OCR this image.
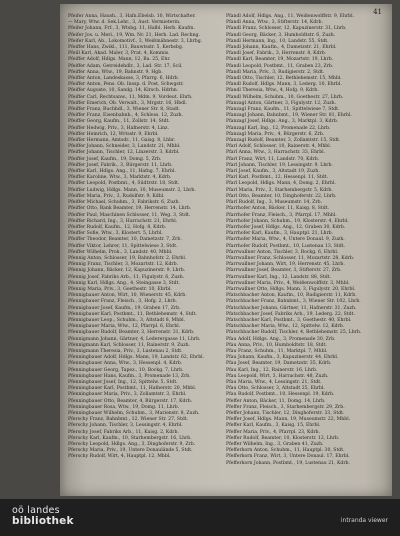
41

Pfeifer Anna, Haush., 3, Hafn.Ebelsb. 10, Wirtschafter.

— Mary, Wtw. d. Sek.Lehr., 3, Aust. Vermieterin.

Pfeifer Johann, Frf., 3, Wtsbg. 11, Halbl. Herb. Kaufm.

Pfeifer Jos. u. Meri., 19, Wm. Nr. 21, Herb. Lad. Rechng.

Pfeifer Karl, Ab., Lokomotivf., 3, Weißmähnestr. 3, Lhrbg.

Pfeiffer Hans, Zwikl., 111, Bauwtsstr. 5, Kerbsbg.

Pfeill Karl, Akad. Maler, 3, Prat. 4, Kommis.

Pfeiffer Adolf, Hdlgs. Mann, 12, Ba. 25, Ehr.

Pfeiffer Adam, Getreidehdlr., 3, Lad. Str. 17, Scil.

Pfeiffer Anna, Wtw., 19, Bahnstr. 9, Hgb.

Pfeiffer Anton, Landeskasse, 3, Pfarrg. 6, Hdrb.

Pfeiffer Anton, Pens. Ob. Inssp. d. Post, Schwgstr.

Pfeiffer Auguste, 10, Sandg. 14, Kirsch. Hdrbn.

Pfeiffer Carl, Rechtsanw., 11, Mdm. 9, Vordeut. Ehrh.

Pfeiffer Emerich, Ob. Verwalt., 3, Mrgstr. 16, Hbdl.

Pfeiffer Franz, Buchhdl., 3, Wiener Str. 8, Stadt.

Pfeiffer Franz, Eisenbahnb., 4, Schloss. 12, Zuzh.

Pfeiffer Georg, Kaufm., 11, Zollstr. 14, Stdt.

Pfeiffer Hedwig, Priv., 3, Hafnerstr. 4, Linz.

Pfeiffer Heinrich, 12, Wrtsstr. 9, Ehrbl.

Pfeiffer Hermann, Amtsdr., 11, Gaisg. 8, Lhbr.

Pfeiffer Johann, Schneider, 3, Landstr. 21, Mhbl.

Pfeiffer Johann, Tischler, 12, Linzerstr. 3, Kdrbl.

Pfeiffer Josef, Kaufm., 19, Domg. 5, Zrb.

Pfeiffer Josef, Fabrik., 3, Bürgerstr. 11, Lhrb.

Pfeiffer Karl, Hdlgs. Ang., 11, Hafng. 7, Ehrbl.

Pfeiffer Karoline, Wtw., 3, Marktstr. 4, Kdrb.

Pfeiffer Leopold, Postbmt., 4, Südtrstr. 18, Stdt.

Pfeiffer Ludwig, Hdlgs. Mann, 10, Museumstr. 2, Lhrb.

Pfeiffer Maria, Priv., 3, Rudolfstr. 9, Kdbl.

Pfeiffer Michael, Schuhm., 3, Fabrikstr. 6, Zuzh.

Pfeiffer Otto, Bank Beamter, 19, Herrenstr. 14, Lhrb.

Pfeiffer Paul, Maschinen Schlosser, 11, Weg. 3, Stdt.

Pfeiffer Richard, Ing., 3, Harrachstr. 21, Ehrbl.

Pfeiffer Rudolf, Kaufm., 12, Hofg. 8, Kdrb.

Pfeiffer Sofie, Wtw., 3, Klostert. 5, Lhrbl.

Pfeiffer Theodor, Beamter, 10, Dametzstr. 7, Zrb.

Pfeiffer Viktor, Lehrer, 11, Spittelwiese 3, Stdt.

Pfeiffer Wilhelm, Prok., 3, Landstr. 40, Mhbl.

Pfennig Anton, Schlosser, 19, Bahnhofstr. 2, Ehrbl.

Pfennig Franz, Tischler, 3, Mozartstr. 12, Kdrb.

Pfennig Johann, Bäcker, 12, Kapuzinerstr. 9, Lhrb.

Pfennig Josef, Fabriks Arb., 11, Figulystr. 6, Zuzh.

Pfennig Karl, Hdlgs. Ang., 4, Steingasse 3, Stdt.

Pfennig Maria, Priv., 3, Goethestr. 10, Ehrbl.

Pfennigbauer Anton, Wirt, 10, Wienerstr. 45, Kdrb.

Pfennigbauer Franz, Fleisch., 3, Hofg. 2, Lhrb.

Pfennigbauer Josef, Kaufm., 19, Graben 17, Zrb.

Pfennigbauer Karl, Postbmt., 11, Bethlehemstr. 4, Stdt.

Pfennigbauer Leop., Schuhm., 3, Altstadt 8, Mhbl.

Pfennigbauer Maria, Wtw., 12, Pfarrpl. 6, Ehrbl.

Pfennigbauer Rudolf, Beamter, 3, Herrenstr. 31, Kdrb.

Pfennigmann Johann, Gärtner, 4, Lederergasse 11, Lhrb.

Pfennigmann Karl, Schlosser, 11, Rainerstr. 9, Zuzh.

Pfennigmann Theresia, Priv., 3, Lustenau 2, Stdt.

Pfenningbauer Adolf, Hdlgs. Mann, 19, Landstr. 62, Ehrbl.

Pfenningbauer Anna, Wtw., 3, Hessenpl. 4, Kdrb.

Pfenningbauer Georg, Tapez., 10, Bockg. 7, Lhrb.

Pfenningbauer Hans, Kaufm., 3, Promenade 13, Zrb.

Pfenningbauer Josef, Ing., 12, Spittelw. 5, Stdt.

Pfenningbauer Karl, Postbmt., 11, Hafnerstr. 20, Mhbl.

Pfenningbauer Maria, Priv., 3, Zollamtstr. 3, Ehrbl.

Pfenningbauer Otto, Beamter, 4, Bürgerstr. 17, Kdrb.

Pfenningbauer Rosa, Wtw., 19, Domg. 11, Lhrb.

Pfenningbauer Wilhelm, Schuhm., 3, Marienstr. 8, Zuzh.

Pferschy Franz, Bahnbmt., 12, Wiener Str. 27, Stdt.

Pferschy Johann, Tischler, 3, Lessingstr. 4, Ehrbl.

Pferschy Josef, Fabriks Arb., 11, Kaisg. 2, Kdrb.

Pferschy Karl, Kaufm., 10, Starhembergstr. 16, Lhrb.

Pferschy Leopold, Hdlgs. Ang., 3, Dinghoferstr. 9, Zrb.

Pferschy Maria, Priv., 19, Untere Donaulände 5, Stdt.

Pferschy Rudolf, Wirt, 4, Hauptpl. 12, Mhbl.

Pfandl Adolf, Hdlgs. Ang., 11, Weißenwolffstr. 9, Ehrbl.

Pfandl Anna, Wtw., 3, Stifterstr. 14, Kdrb.

Pfandl Franz, Schlosser, 12, Kapuzinerstr. 31, Lhrb.

Pfandl Georg, Bäcker, 3, Humboldtstr. 6, Zuzh.

Pfandl Hermann, Ing., 10, Landstr. 55, Stdt.

Pfandl Johann, Kaufm., 4, Dametzstr. 21, Ehrbl.

Pfandl Josef, Fabrik., 3, Herrenstr. 8, Kdrb.

Pfandl Karl, Beamter, 19, Mozartstr. 19, Lhrb.

Pfandl Leopold, Postbmt., 11, Graben 23, Zrb.

Pfandl Maria, Priv., 3, Rudigierstr. 2, Stdt.

Pfandl Otto, Tischler, 12, Bethlehemstr. 15, Mhbl.

Pfandl Rudolf, Hdlgs. Mann, 3, Lederg. 10, Ehrbl.

Pfandl Theresia, Wtw., 4, Hofg. 9, Kdrb.

Pfandl Wilhelm, Schuhm., 10, Goethestr. 27, Lhrb.

Pfanzagl Anton, Gärtner, 3, Figulystr. 12, Zuzh.

Pfanzagl Franz, Kaufm., 11, Spittelwiese 7, Stdt.

Pfanzagl Johann, Bahnbmt., 19, Wiener Str. 81, Ehrbl.

Pfanzagl Josef, Hdlgs. Ang., 3, Marktpl. 3, Kdrb.

Pfanzagl Karl, Ing., 12, Promenade 22, Lhrb.

Pfanzagl Maria, Priv., 4, Bürgerstr. 6, Zrb.

Pfanzagl Rudolf, Beamter, 3, Zollamtstr. 15, Stdt.

Pfarl Adolf, Schlosser, 10, Rainerstr. 4, Mhbl.

Pfarl Anna, Wtw., 3, Harrachstr. 33, Ehrbl.

Pfarl Franz, Wirt, 11, Landstr. 70, Kdrb.

Pfarl Johann, Tischler, 19, Lessingstr. 9, Lhrb.

Pfarl Josef, Kaufm., 3, Altstadt 19, Zuzh.

Pfarl Karl, Postbmt., 12, Hessenpl. 11, Stdt.

Pfarl Leopold, Hdlgs. Mann, 4, Domg. 2, Ehrbl.

Pfarl Maria, Priv., 3, Starhembergstr. 5, Kdrb.

Pfarl Otto, Beamter, 10, Dinghoferstr. 22, Lhrb.

Pfarl Rudolf, Ing., 3, Museumstr. 14, Zrb.

Pfarrhofer Anton, Bäcker, 11, Kaisg. 8, Stdt.

Pfarrhofer Franz, Fleisch., 3, Pfarrpl. 17, Mhbl.

Pfarrhofer Johann, Schuhm., 19, Klosterstr. 4, Ehrbl.

Pfarrhofer Josef, Hdlgs. Ang., 12, Graben 30, Kdrb.

Pfarrhofer Karl, Kaufm., 3, Hauptpl. 21, Lhrb.

Pfarrhofer Maria, Wtw., 4, Untere Donaul. 9, Zuzh.

Pfarrhofer Rudolf, Postbmt., 10, Lustenau 13, Stdt.

Pfarrwallner Anton, Tischler, 3, Bockg. 6, Ehrbl.

Pfarrwallner Franz, Schlosser, 11, Mozartstr. 28, Kdrb.

Pfarrwallner Johann, Wirt, 19, Herrenstr. 45, Lhrb.

Pfarrwallner Josef, Beamter, 3, Stifterstr. 27, Zrb.

Pfarrwallner Karl, Ing., 12, Landstr. 88, Stdt.

Pfarrwallner Maria, Priv., 4, Weißenwolffstr. 3, Mhbl.

Pfarrwallner Otto, Hdlgs. Mann, 3, Figulystr. 20, Ehrbl.

Pfatschbacher Anton, Kaufm., 10, Rudigierstr. 11, Kdrb.

Pfatschbacher Franz, Bahnbmt., 3, Wiener Str. 102, Lhrb.

Pfatschbacher Johann, Gärtner, 11, Hafnerstr. 31, Zuzh.

Pfatschbacher Josef, Fabriks Arb., 19, Lederg. 22, Stdt.

Pfatschbacher Karl, Postbmt., 3, Goethestr. 40, Ehrbl.

Pfatschbacher Maria, Wtw., 12, Spittelw. 12, Kdrb.

Pfatschbacher Rudolf, Tischler, 4, Bethlehemstr. 25, Lhrb.

Pfau Adolf, Hdlgs. Ang., 3, Promenade 30, Zrb.

Pfau Anna, Priv., 10, Humboldtstr. 18, Stdt.

Pfau Franz, Schuhm., 11, Marktpl. 7, Mhbl.

Pfau Johann, Kaufm., 3, Kapuzinerstr. 44, Ehrbl.

Pfau Josef, Beamter, 19, Dametzstr. 35, Kdrb.

Pfau Karl, Ing., 12, Rainerstr. 16, Lhrb.

Pfau Leopold, Wirt, 3, Harrachstr. 48, Zuzh.

Pfau Maria, Wtw., 4, Lessingstr. 21, Stdt.

Pfau Otto, Schlosser, 3, Altstadt 25, Ehrbl.

Pfau Rudolf, Postbmt., 10, Hessenpl. 19, Kdrb.

Pfeffer Anton, Bäcker, 11, Domg. 14, Lhrb.

Pfeffer Franz, Fleisch., 3, Starhembergstr. 29, Zrb.

Pfeffer Johann, Tischler, 12, Dinghoferstr. 33, Stdt.

Pfeffer Josef, Hdlgs. Mann, 19, Museumstr. 22, Mhbl.

Pfeffer Karl, Kaufm., 3, Kaisg. 15, Ehrbl.

Pfeffer Maria, Priv., 4, Pfarrpl. 23, Kdrb.

Pfeffer Rudolf, Beamter, 10, Klosterstr. 12, Lhrb.

Pfeffer Wilhelm, Ing., 3, Graben 41, Zuzh.

Pfefferkorn Anton, Schuhm., 11, Hauptpl. 30, Stdt.

Pfefferkorn Franz, Wirt, 3, Untere Donaul. 17, Ehrbl.

Pfefferkorn Johann, Postbmt., 19, Lustenau 21, Kdrb.

oö landes
bibliothek	intranda viewer
